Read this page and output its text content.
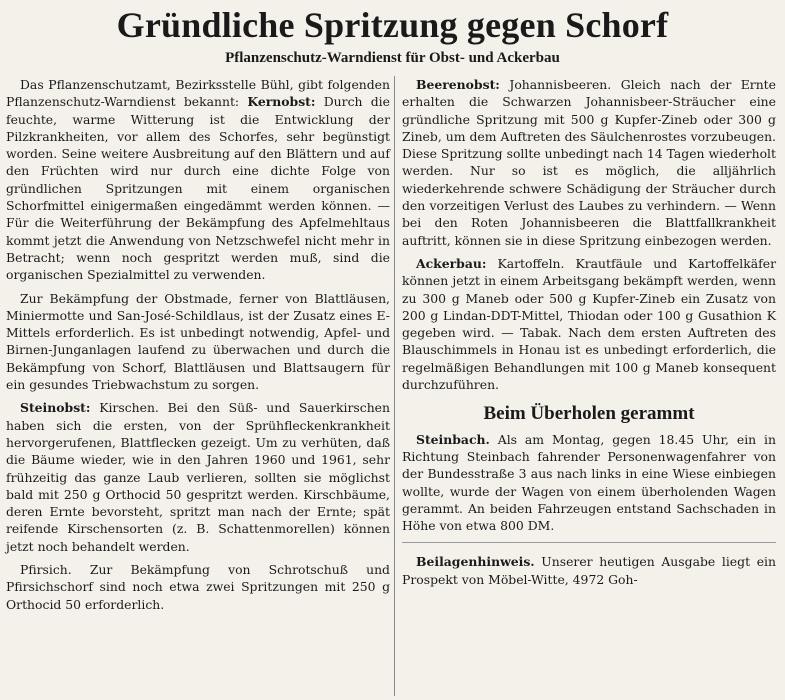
Gründliche Spritzung gegen Schorf
Pflanzenschutz-Warndienst für Obst- und Ackerbau

Das Pflanzenschutzamt, Bezirksstelle Bühl, gibt folgenden Pflanzenschutz-Warndienst bekannt: Kernobst: Durch die feuchte, warme Witterung ist die Entwicklung der Pilzkrankheiten, vor allem des Schorfes, sehr begünstigt worden. Seine weitere Ausbreitung auf den Blättern und auf den Früchten wird nur durch eine dichte Folge von gründlichen Spritzungen mit einem organischen Schorfmittel einigermaßen eingedämmt werden können. — Für die Weiterführung der Bekämpfung des Apfelmehltaus kommt jetzt die Anwendung von Netzschwefel nicht mehr in Betracht; wenn noch gespritzt werden muß, sind die organischen Spezialmittel zu verwenden.

Zur Bekämpfung der Obstmade, ferner von Blattläusen, Miniermotte und San-José-Schildlaus, ist der Zusatz eines E-Mittels erforderlich. Es ist unbedingt notwendig, Apfel- und Birnen-Junganlagen laufend zu überwachen und durch die Bekämpfung von Schorf, Blattläusen und Blattsaugern für ein gesundes Triebwachstum zu sorgen.

Steinobst: Kirschen. Bei den Süß- und Sauerkirschen haben sich die ersten, von der Sprühfleckenkrankheit hervorgerufenen, Blattflecken gezeigt. Um zu verhüten, daß die Bäume wieder, wie in den Jahren 1960 und 1961, sehr frühzeitig das ganze Laub verlieren, sollten sie möglichst bald mit 250 g Orthocid 50 gespritzt werden. Kirschbäume, deren Ernte bevorsteht, spritzt man nach der Ernte; spät reifende Kirschensorten (z. B. Schattenmorellen) können jetzt noch behandelt werden.

Pfirsich. Zur Bekämpfung von Schrotschuß und Pfirsichschorf sind noch etwa zwei Spritzungen mit 250 g Orthocid 50 erforderlich.

Beerenobst: Johannisbeeren. Gleich nach der Ernte erhalten die Schwarzen Johannisbeer-Sträucher eine gründliche Spritzung mit 500 g Kupfer-Zineb oder 300 g Zineb, um dem Auftreten des Säulchenrostes vorzubeugen. Diese Spritzung sollte unbedingt nach 14 Tagen wiederholt werden. Nur so ist es möglich, die alljährlich wiederkehrende schwere Schädigung der Sträucher durch den vorzeitigen Verlust des Laubes zu verhindern. — Wenn bei den Roten Johannisbeeren die Blattfallkrankheit auftritt, können sie in diese Spritzung einbezogen werden.

Ackerbau: Kartoffeln. Krautfäule und Kartoffelkäfer können jetzt in einem Arbeitsgang bekämpft werden, wenn zu 300 g Maneb oder 500 g Kupfer-Zineb ein Zusatz von 200 g Lindan-DDT-Mittel, Thiodan oder 100 g Gusathion K gegeben wird. — Tabak. Nach dem ersten Auftreten des Blauschimmels in Honau ist es unbedingt erforderlich, die regelmäßigen Behandlungen mit 100 g Maneb konsequent durchzuführen.

Beim Überholen gerammt

Steinbach. Als am Montag, gegen 18.45 Uhr, ein in Richtung Steinbach fahrender Personenwagenfahrer von der Bundesstraße 3 aus nach links in eine Wiese einbiegen wollte, wurde der Wagen von einem überholenden Wagen gerammt. An beiden Fahrzeugen entstand Sachschaden in Höhe von etwa 800 DM.

Beilagenhinweis. Unserer heutigen Ausgabe liegt ein Prospekt von Möbel-Witte, 4972 Goh-
